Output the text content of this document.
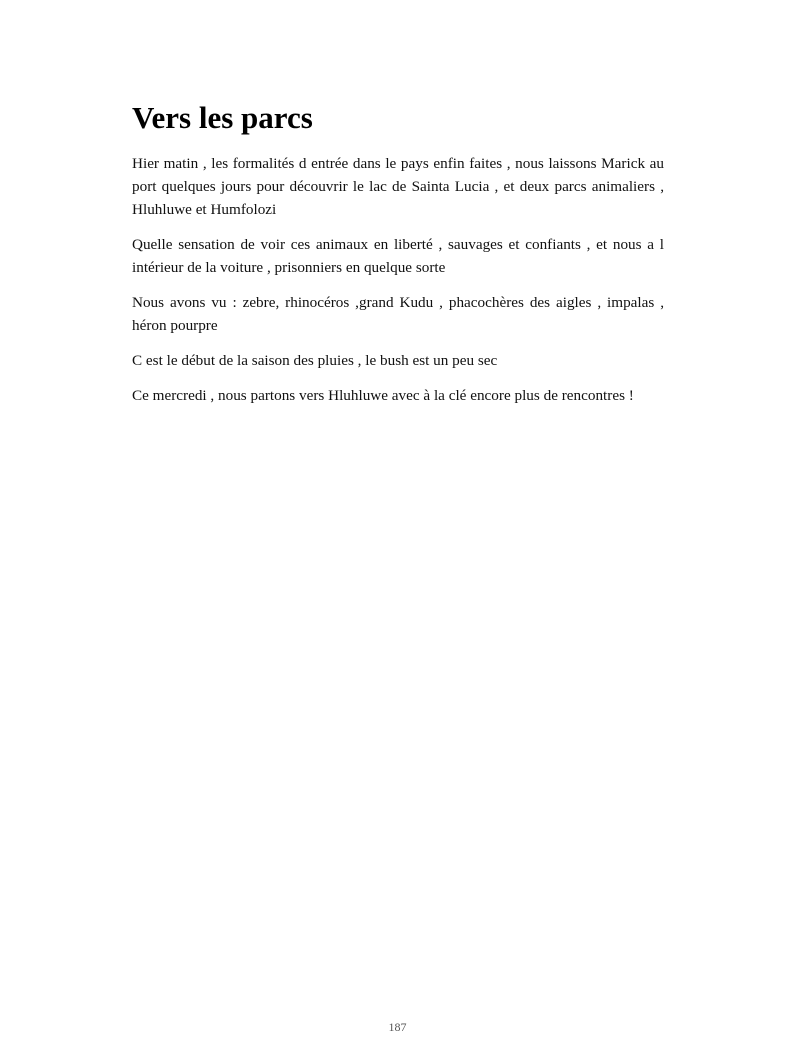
Vers les parcs

Hier matin , les formalités d entrée dans le pays enfin faites , nous laissons Marick au port quelques jours pour découvrir le lac de Sainta Lucia , et deux parcs animaliers , Hluhluwe et Humfolozi

Quelle sensation de voir ces animaux en liberté , sauvages et confiants , et nous a l intérieur de la voiture , prisonniers en quelque sorte

Nous avons vu : zebre, rhinocéros ,grand Kudu , phacochères des aigles , impalas , héron pourpre

C est le début de la saison des pluies , le bush est un peu sec

Ce mercredi , nous partons vers Hluhluwe avec à la clé encore plus de rencontres !

187
